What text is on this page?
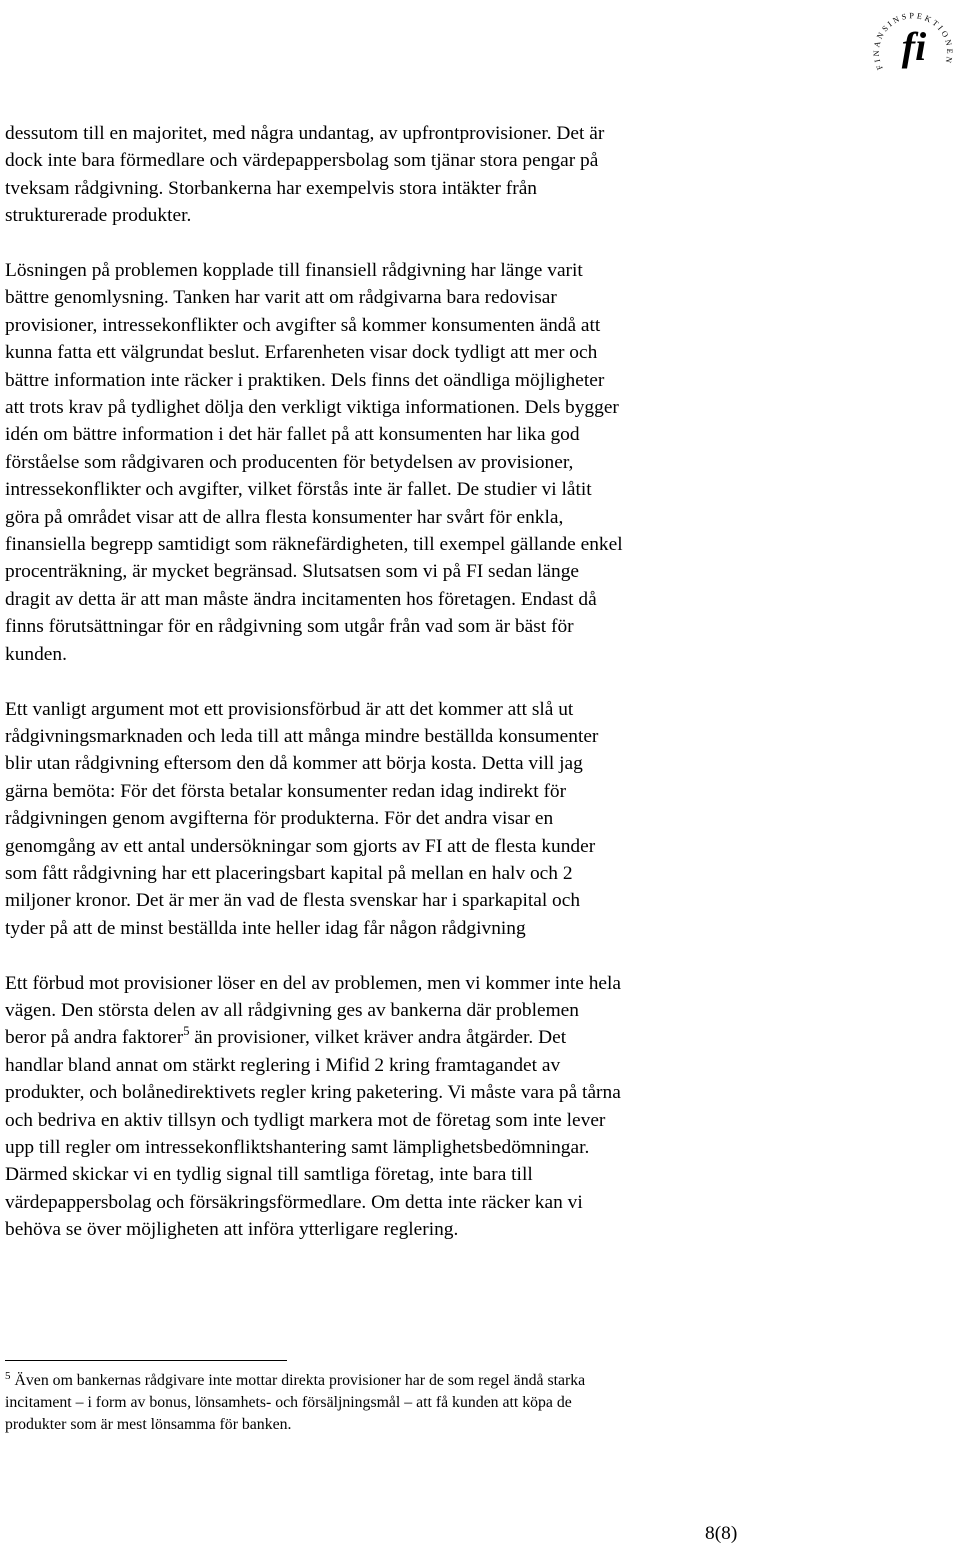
FINANSINSPEKTIONEN
fi

dessutom till en majoritet, med några undantag, av upfrontprovisioner. Det är
dock inte bara förmedlare och värdepappersbolag som tjänar stora pengar på
tveksam rådgivning. Storbankerna har exempelvis stora intäkter från
strukturerade produkter.

Lösningen på problemen kopplade till finansiell rådgivning har länge varit
bättre genomlysning. Tanken har varit att om rådgivarna bara redovisar
provisioner, intressekonflikter och avgifter så kommer konsumenten ändå att
kunna fatta ett välgrundat beslut. Erfarenheten visar dock tydligt att mer och
bättre information inte räcker i praktiken. Dels finns det oändliga möjligheter
att trots krav på tydlighet dölja den verkligt viktiga informationen. Dels bygger
idén om bättre information i det här fallet på att konsumenten har lika god
förståelse som rådgivaren och producenten för betydelsen av provisioner,
intressekonflikter och avgifter, vilket förstås inte är fallet. De studier vi låtit
göra på området visar att de allra flesta konsumenter har svårt för enkla,
finansiella begrepp samtidigt som räknefärdigheten, till exempel gällande enkel
procenträkning, är mycket begränsad. Slutsatsen som vi på FI sedan länge
dragit av detta är att man måste ändra incitamenten hos företagen. Endast då
finns förutsättningar för en rådgivning som utgår från vad som är bäst för
kunden.

Ett vanligt argument mot ett provisionsförbud är att det kommer att slå ut
rådgivningsmarknaden och leda till att många mindre beställda konsumenter
blir utan rådgivning eftersom den då kommer att börja kosta. Detta vill jag
gärna bemöta: För det första betalar konsumenter redan idag indirekt för
rådgivningen genom avgifterna för produkterna. För det andra visar en
genomgång av ett antal undersökningar som gjorts av FI att de flesta kunder
som fått rådgivning har ett placeringsbart kapital på mellan en halv och 2
miljoner kronor. Det är mer än vad de flesta svenskar har i sparkapital och
tyder på att de minst beställda inte heller idag får någon rådgivning

Ett förbud mot provisioner löser en del av problemen, men vi kommer inte hela
vägen. Den största delen av all rådgivning ges av bankerna där problemen
beror på andra faktorer$^5$ än provisioner, vilket kräver andra åtgärder. Det
handlar bland annat om stärkt reglering i Mifid 2 kring framtagandet av
produkter, och bolånedirektivets regler kring paketering. Vi måste vara på tårna
och bedriva en aktiv tillsyn och tydligt markera mot de företag som inte lever
upp till regler om intressekonfliktshantering samt lämplighetsbedömningar.
Därmed skickar vi en tydlig signal till samtliga företag, inte bara till
värdepappersbolag och försäkringsförmedlare. Om detta inte räcker kan vi
behöva se över möjligheten att införa ytterligare reglering.

$^5$ Även om bankernas rådgivare inte mottar direkta provisioner har de som regel ändå starka
incitament – i form av bonus, lönsamhets- och försäljningsmål – att få kunden att köpa de
produkter som är mest lönsamma för banken.
8(8)
